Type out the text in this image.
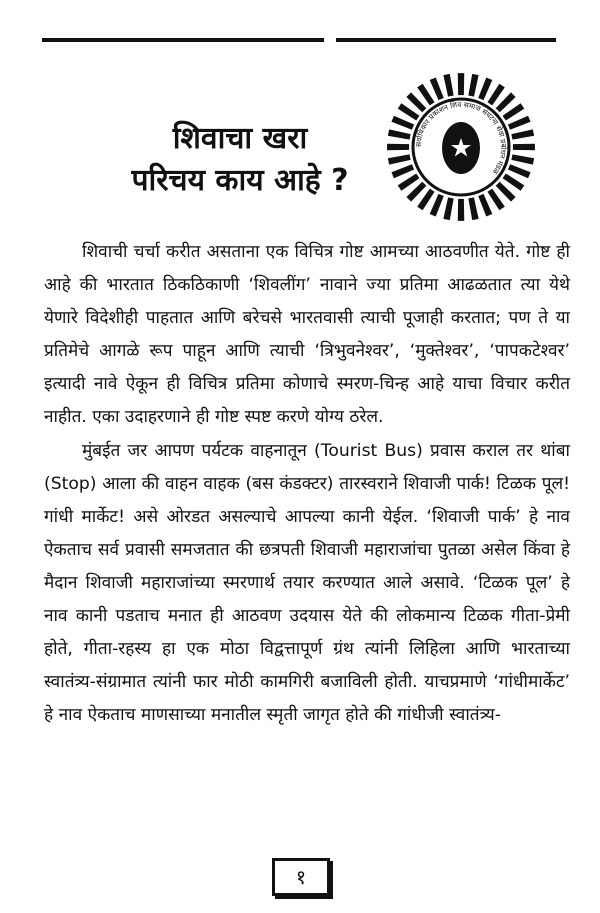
शिवाचा खरा
परिचय काय आहे ?
सर्वाधिकार प्रकाशन शिव समाज संघटना सेवा प्रबोधन मंडळ

शिवाची चर्चा करीत असताना एक विचित्र गोष्ट आमच्या आठवणीत येते. गोष्ट ही आहे की भारतात ठिकठिकाणी ‘शिवलींग’ नावाने ज्या प्रतिमा आढळतात त्या येथे येणारे विदेशीही पाहतात आणि बरेचसे भारतवासी त्याची पूजाही करतात; पण ते या प्रतिमेचे आगळे रूप पाहून आणि त्याची ‘त्रिभुवनेश्वर’, ‘मुक्तेश्वर’, ‘पापकटेश्वर’ इत्यादी नावे ऐकून ही विचित्र प्रतिमा कोणाचे स्मरण-चिन्ह आहे याचा विचार करीत नाहीत. एका उदाहरणाने ही गोष्ट स्पष्ट करणे योग्य ठरेल.

मुंबईत जर आपण पर्यटक वाहनातून (Tourist Bus) प्रवास कराल तर थांबा (Stop) आला की वाहन वाहक (बस कंडक्टर) तारस्वराने शिवाजी पार्क! टिळक पूल! गांधी मार्केट! असे ओरडत असल्याचे आपल्या कानी येईल. ‘शिवाजी पार्क’ हे नाव ऐकताच सर्व प्रवासी समजतात की छत्रपती शिवाजी महाराजांचा पुतळा असेल किंवा हे मैदान शिवाजी महाराजांच्या स्मरणार्थ तयार करण्यात आले असावे. ‘टिळक पूल’ हे नाव कानी पडताच मनात ही आठवण उदयास येते की लोकमान्य टिळक गीता-प्रेमी होते, गीता-रहस्य हा एक मोठा विद्वत्तापूर्ण ग्रंथ त्यांनी लिहिला आणि भारताच्या स्वातंत्र्य-संग्रामात त्यांनी फार मोठी कामगिरी बजाविली होती. याचप्रमाणे ‘गांधीमार्केट’ हे नाव ऐकताच माणसाच्या मनातील स्मृती जागृत होते की गांधीजी स्वातंत्र्य-

१
